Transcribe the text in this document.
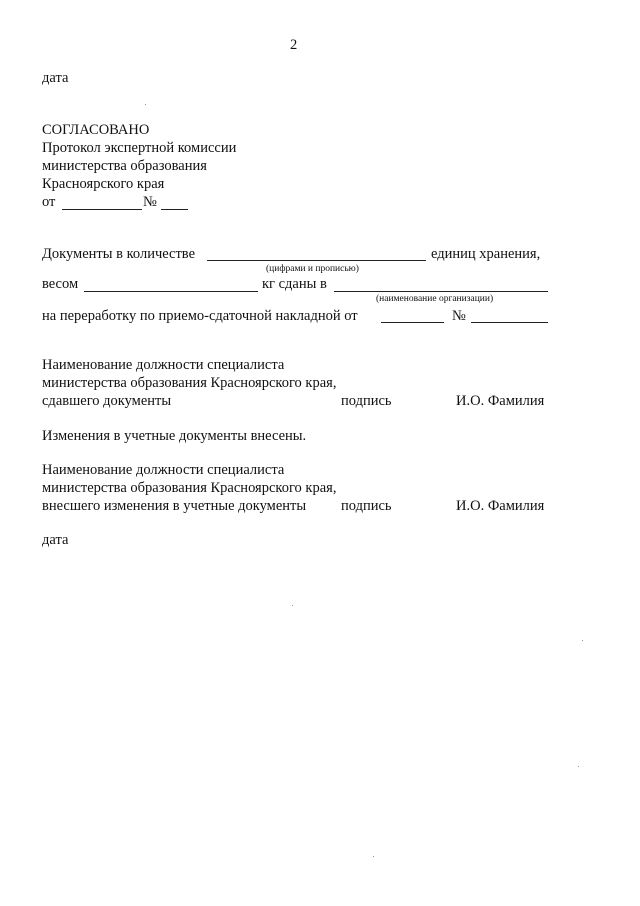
2
дата
СОГЛАСОВАНО
Протокол экспертной комиссии
министерства образования
Красноярского края
от	№
Документы в количестве	единиц хранения,
(цифрами и прописью)
весом	кг сданы в
(наименование организации)
на переработку по приемо-сдаточной накладной от	№
Наименование должности специалиста
министерства образования Красноярского края,
сдавшего документы	подпись	И.О. Фамилия
Изменения в учетные документы внесены.
Наименование должности специалиста
министерства образования Красноярского края,
внесшего изменения в учетные документы подпись	И.О. Фамилия
дата
